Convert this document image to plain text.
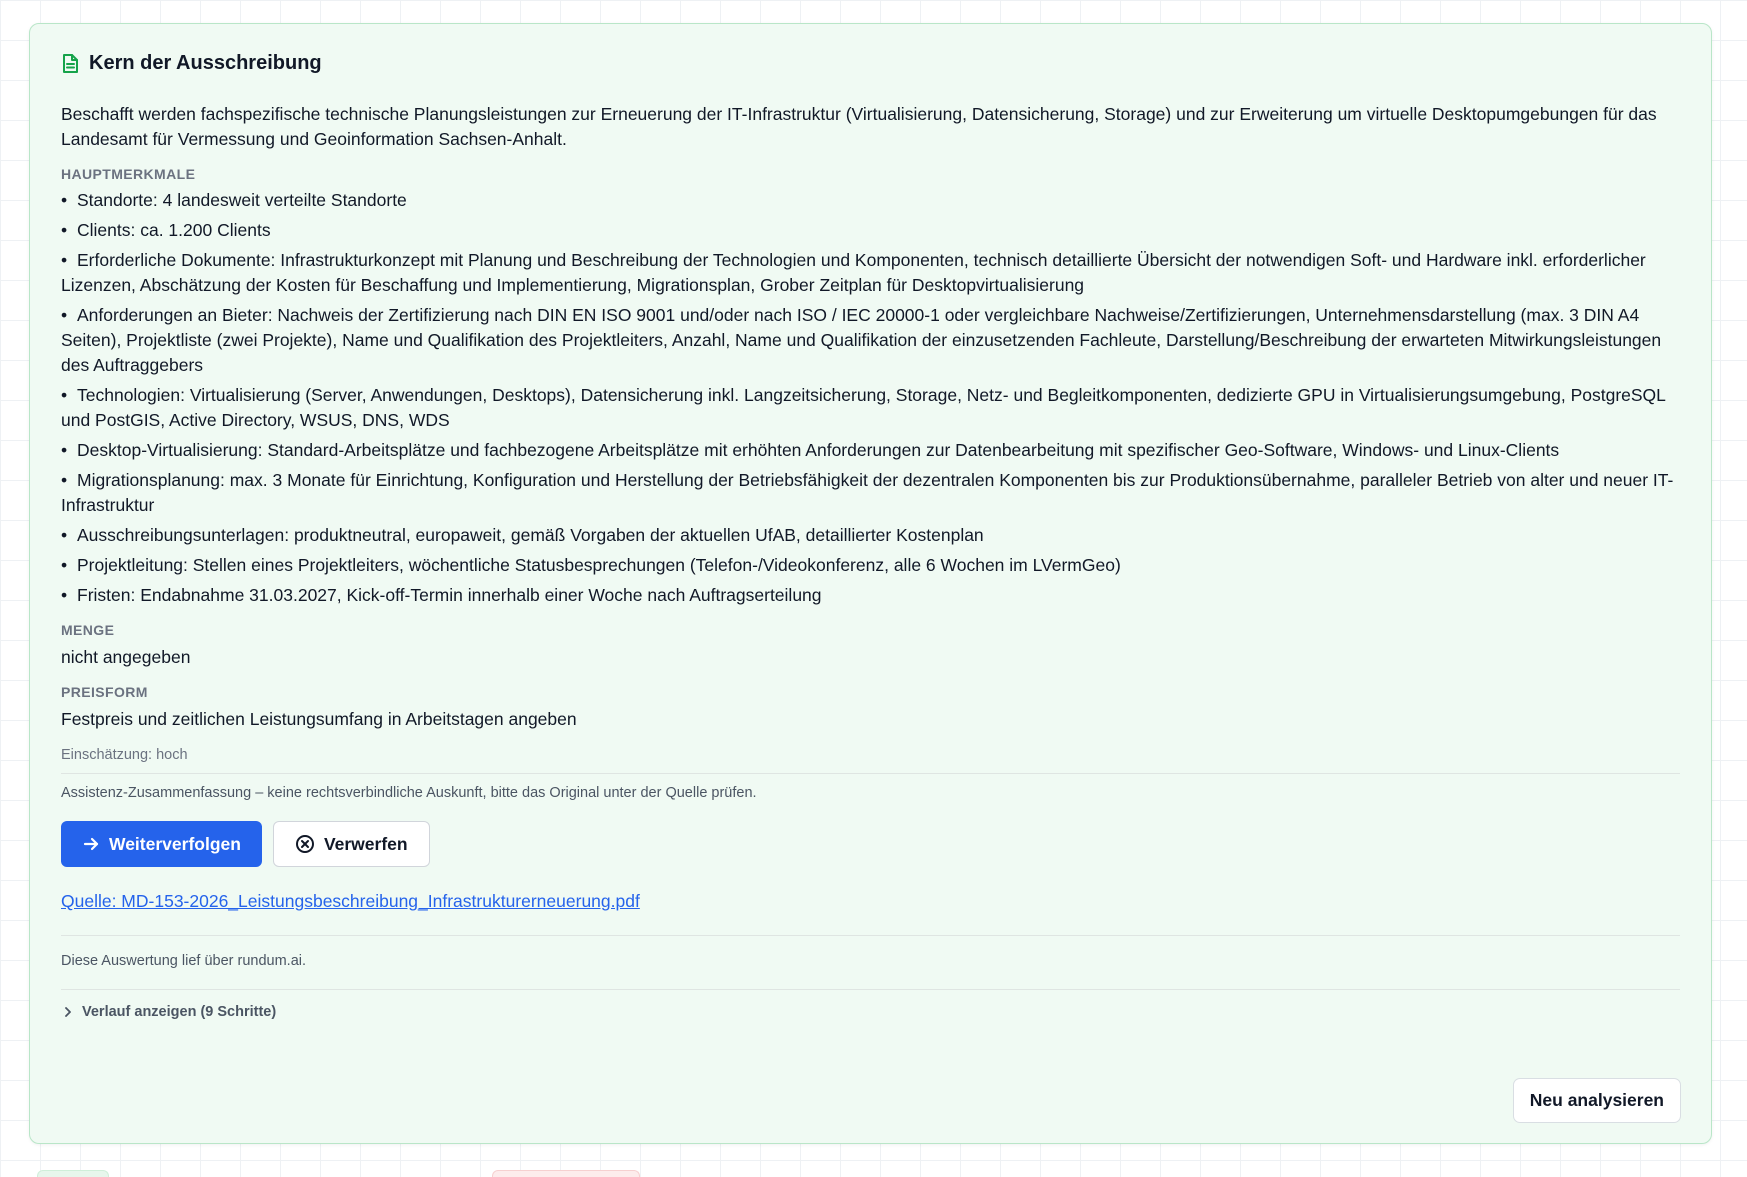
Kern der Ausschreibung
Beschafft werden fachspezifische technische Planungsleistungen zur Erneuerung der IT-Infrastruktur (Virtualisierung, Datensicherung, Storage) und zur Erweiterung um virtuelle Desktopumgebungen für das Landesamt für Vermessung und Geoinformation Sachsen-Anhalt.
HAUPTMERKMALE
• Standorte: 4 landesweit verteilte Standorte
• Clients: ca. 1.200 Clients
• Erforderliche Dokumente: Infrastrukturkonzept mit Planung und Beschreibung der Technologien und Komponenten, technisch detaillierte Übersicht der notwendigen Soft- und Hardware inkl. erforderlicher Lizenzen, Abschätzung der Kosten für Beschaffung und Implementierung, Migrationsplan, Grober Zeitplan für Desktopvirtualisierung
• Anforderungen an Bieter: Nachweis der Zertifizierung nach DIN EN ISO 9001 und/oder nach ISO / IEC 20000-1 oder vergleichbare Nachweise/Zertifizierungen, Unternehmensdarstellung (max. 3 DIN A4 Seiten), Projektliste (zwei Projekte), Name und Qualifikation des Projektleiters, Anzahl, Name und Qualifikation der einzusetzenden Fachleute, Darstellung/Beschreibung der erwarteten Mitwirkungsleistungen des Auftraggebers
• Technologien: Virtualisierung (Server, Anwendungen, Desktops), Datensicherung inkl. Langzeitsicherung, Storage, Netz- und Begleitkomponenten, dedizierte GPU in Virtualisierungsumgebung, PostgreSQL und PostGIS, Active Directory, WSUS, DNS, WDS
• Desktop-Virtualisierung: Standard-Arbeitsplätze und fachbezogene Arbeitsplätze mit erhöhten Anforderungen zur Datenbearbeitung mit spezifischer Geo-Software, Windows- und Linux-Clients
• Migrationsplanung: max. 3 Monate für Einrichtung, Konfiguration und Herstellung der Betriebsfähigkeit der dezentralen Komponenten bis zur Produktionsübernahme, paralleler Betrieb von alter und neuer IT-Infrastruktur
• Ausschreibungsunterlagen: produktneutral, europaweit, gemäß Vorgaben der aktuellen UfAB, detaillierter Kostenplan
• Projektleitung: Stellen eines Projektleiters, wöchentliche Statusbesprechungen (Telefon-/Videokonferenz, alle 6 Wochen im LVermGeo)
• Fristen: Endabnahme 31.03.2027, Kick-off-Termin innerhalb einer Woche nach Auftragserteilung
MENGE
nicht angegeben
PREISFORM
Festpreis und zeitlichen Leistungsumfang in Arbeitstagen angeben
Einschätzung: hoch
Assistenz-Zusammenfassung – keine rechtsverbindliche Auskunft, bitte das Original unter der Quelle prüfen.
Weiterverfolgen	Verwerfen
Quelle: MD-153-2026_Leistungsbeschreibung_Infrastrukturerneuerung.pdf
Diese Auswertung lief über rundum.ai.
Verlauf anzeigen (9 Schritte)
Neu analysieren
